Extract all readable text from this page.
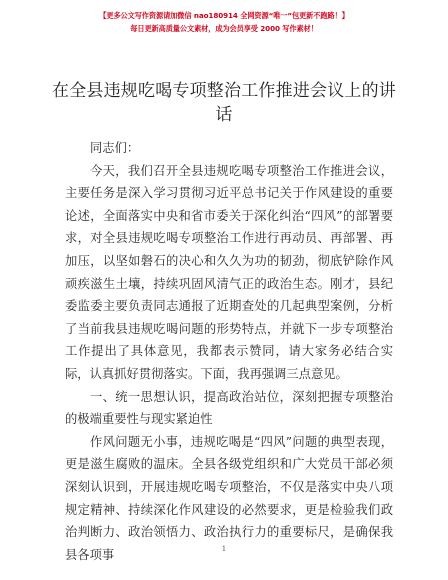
【更多公文写作资源请加微信 nao180914 全网资源“唯一”包更新不跑路！】
每日更新高质量公文素材，成为会员享受 2000 写作素材！
在全县违规吃喝专项整治工作推进会议上的讲话

同志们：

今天，我们召开全县违规吃喝专项整治工作推进会议，主要任务是深入学习贯彻习近平总书记关于作风建设的重要论述，全面落实中央和省市委关于深化纠治“四风”的部署要求，对全县违规吃喝专项整治工作进行再动员、再部署、再加压，以坚如磐石的决心和久久为功的韧劲，彻底铲除作风顽疾滋生土壤，持续巩固风清气正的政治生态。刚才，县纪委监委主要负责同志通报了近期查处的几起典型案例，分析了当前我县违规吃喝问题的形势特点，并就下一步专项整治工作提出了具体意见，我都表示赞同，请大家务必结合实际，认真抓好贯彻落实。下面，我再强调三点意见。

一、统一思想认识，提高政治站位，深刻把握专项整治的极端重要性与现实紧迫性

作风问题无小事，违规吃喝是“四风”问题的典型表现，更是滋生腐败的温床。全县各级党组织和广大党员干部必须深刻认识到，开展违规吃喝专项整治，不仅是落实中央八项规定精神、持续深化作风建设的必然要求，更是检验我们政治判断力、政治领悟力、政治执行力的重要标尺，是确保我县各项事	1
